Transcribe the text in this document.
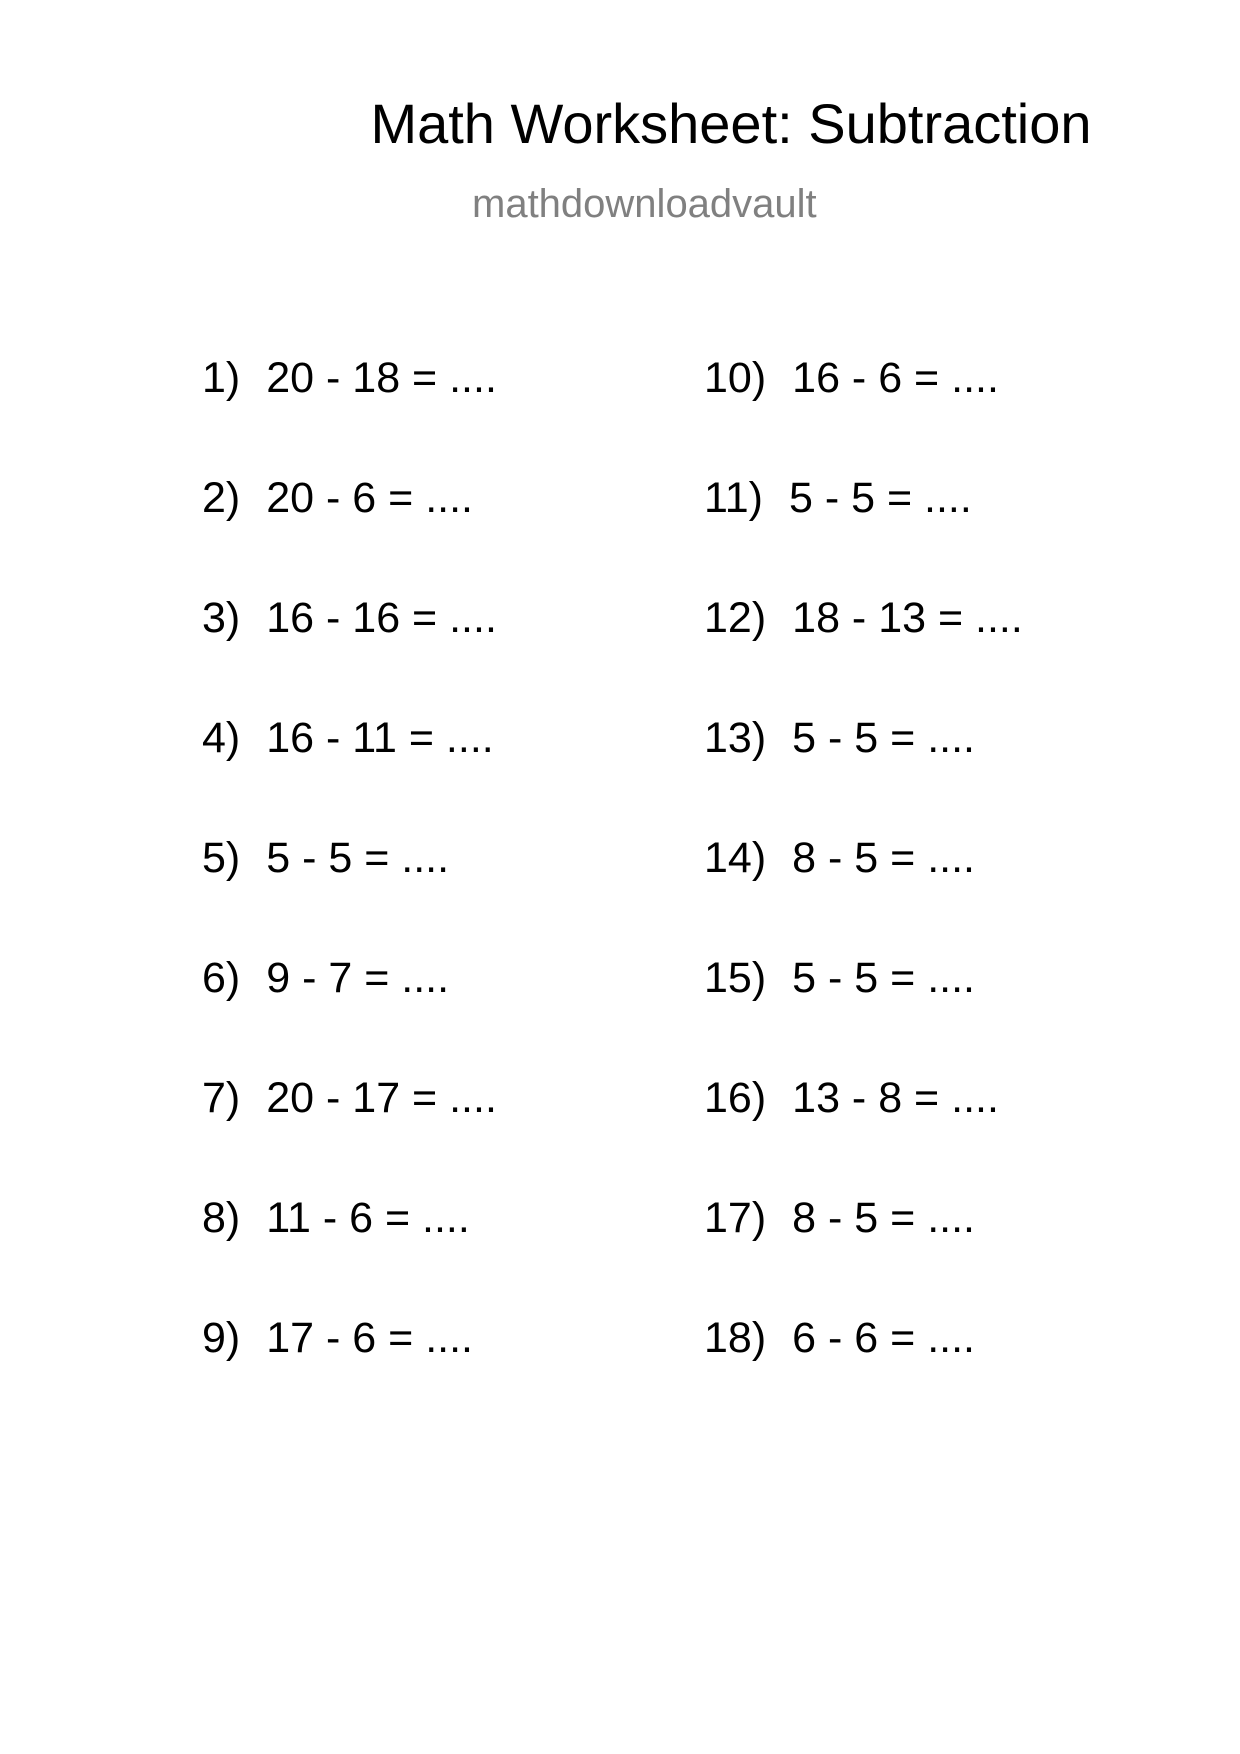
Math Worksheet: Subtraction
mathdownloadvault
1) 20 - 18 = ....
2) 20 - 6 = ....
3) 16 - 16 = ....
4) 16 - 11 = ....
5) 5 - 5 = ....
6) 9 - 7 = ....
7) 20 - 17 = ....
8) 11 - 6 = ....
9) 17 - 6 = ....
10) 16 - 6 = ....
11) 5 - 5 = ....
12) 18 - 13 = ....
13) 5 - 5 = ....
14) 8 - 5 = ....
15) 5 - 5 = ....
16) 13 - 8 = ....
17) 8 - 5 = ....
18) 6 - 6 = ....
